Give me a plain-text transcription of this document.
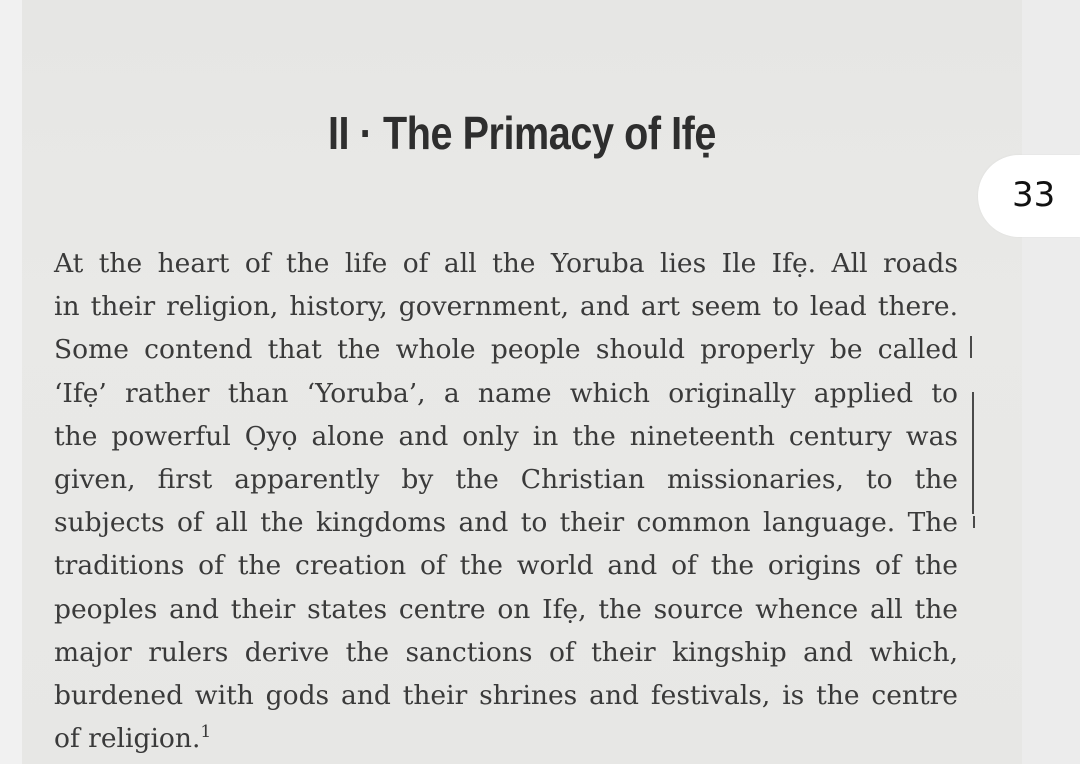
II · The Primacy of Ifẹ
At the heart of the life of all the Yoruba lies Ile Ifẹ. All roads
in their religion, history, government, and art seem to lead there.
Some contend that the whole people should properly be called
‘Ifẹ’ rather than ‘Yoruba’, a name which originally applied to
the powerful Ọyọ alone and only in the nineteenth century was
given, first apparently by the Christian missionaries, to the
subjects of all the kingdoms and to their common language. The
traditions of the creation of the world and of the origins of the
peoples and their states centre on Ifẹ, the source whence all the
major rulers derive the sanctions of their kingship and which,
burdened with gods and their shrines and festivals, is the centre
of religion.$^1$
33
